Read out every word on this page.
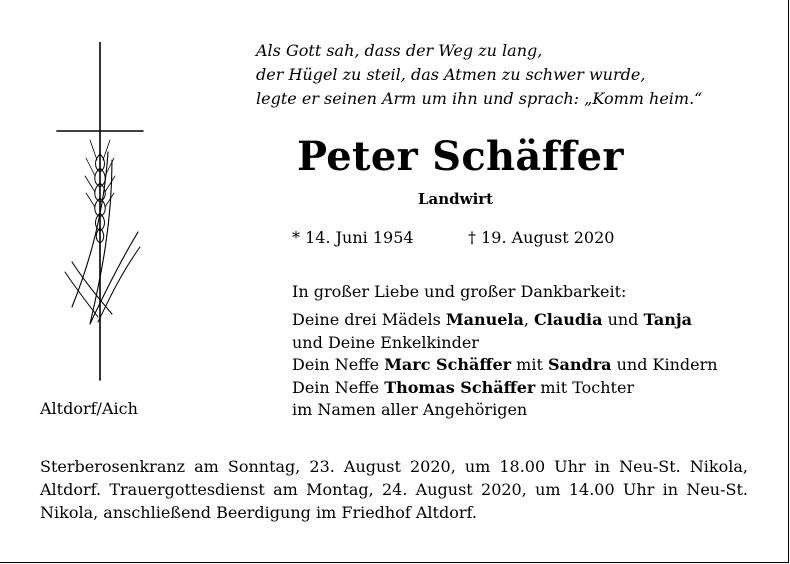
Als Gott sah, dass der Weg zu lang,
der Hügel zu steil, das Atmen zu schwer wurde,
legte er seinen Arm um ihn und sprach: „Komm heim.“
Peter Schäffer
Landwirt
* 14. Juni 1954	† 19. August 2020
In großer Liebe und großer Dankbarkeit:
Deine drei Mädels Manuela, Claudia und Tanja
und Deine Enkelkinder
Dein Neffe Marc Schäffer mit Sandra und Kindern
Dein Neffe Thomas Schäffer mit Tochter
im Namen aller Angehörigen
Altdorf/Aich
Sterberosenkranz am Sonntag, 23. August 2020, um 18.00 Uhr in Neu-St. Nikola, Altdorf. Trauergottesdienst am Montag, 24. August 2020, um 14.00 Uhr in Neu-St. Nikola, anschließend Beerdigung im Friedhof Altdorf.
